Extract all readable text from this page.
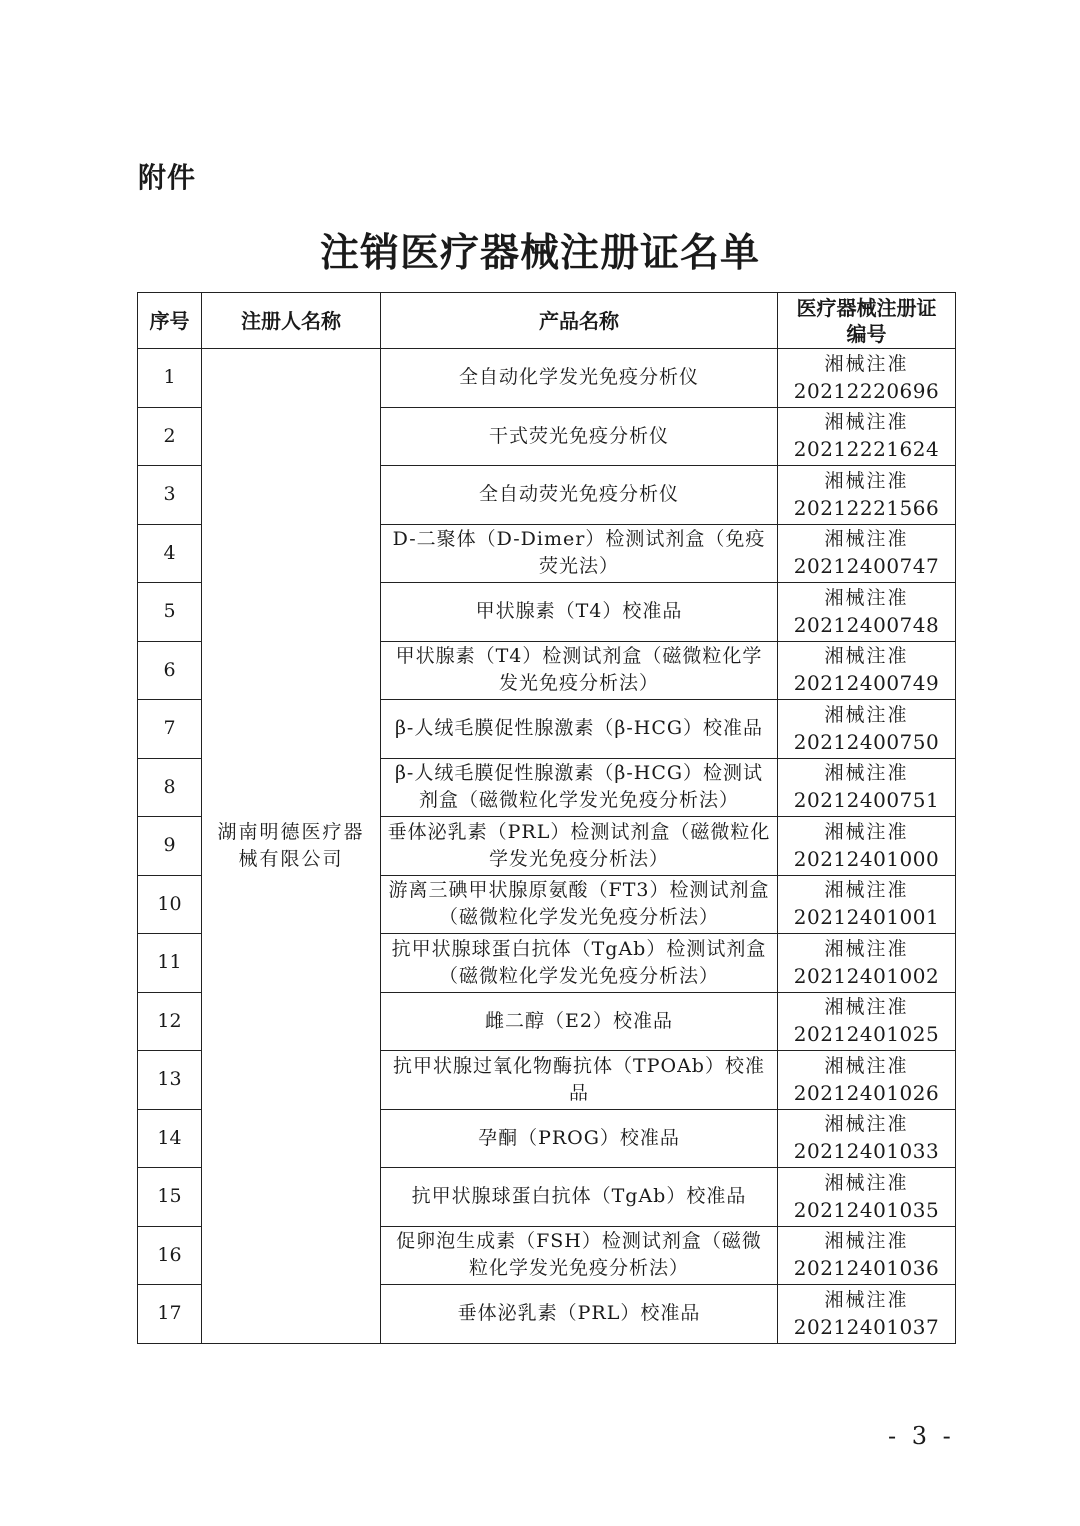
附件
注销医疗器械注册证名单
序号	注册人名称	产品名称	医疗器械注册证
编号
1	湖南明德医疗器械有限公司	全自动化学发光免疫分析仪	湘械注准
20212220696

2		干式荧光免疫分析仪	湘械注准
20212221624

3		全自动荧光免疫分析仪	湘械注准
20212221566

4		D-二聚体（D-Dimer）检测试剂盒（免疫荧光法）	湘械注准
20212400747

5		甲状腺素（T4）校准品	湘械注准
20212400748

6		甲状腺素（T4）检测试剂盒（磁微粒化学发光免疫分析法）	湘械注准
20212400749

7		β-人绒毛膜促性腺激素（β-HCG）校准品	湘械注准
20212400750

8		β-人绒毛膜促性腺激素（β-HCG）检测试剂盒（磁微粒化学发光免疫分析法）	湘械注准
20212400751

9		垂体泌乳素（PRL）检测试剂盒（磁微粒化学发光免疫分析法）	湘械注准
20212401000

10		游离三碘甲状腺原氨酸（FT3）检测试剂盒（磁微粒化学发光免疫分析法）	湘械注准
20212401001

11		抗甲状腺球蛋白抗体（TgAb）检测试剂盒（磁微粒化学发光免疫分析法）	湘械注准
20212401002

12		雌二醇（E2）校准品	湘械注准
20212401025

13		抗甲状腺过氧化物酶抗体（TPOAb）校准品	湘械注准
20212401026

14		孕酮（PROG）校准品	湘械注准
20212401033

15		抗甲状腺球蛋白抗体（TgAb）校准品	湘械注准
20212401035

16		促卵泡生成素（FSH）检测试剂盒（磁微粒化学发光免疫分析法）	湘械注准
20212401036

17		垂体泌乳素（PRL）校准品	湘械注准
20212401037
- 3 -
